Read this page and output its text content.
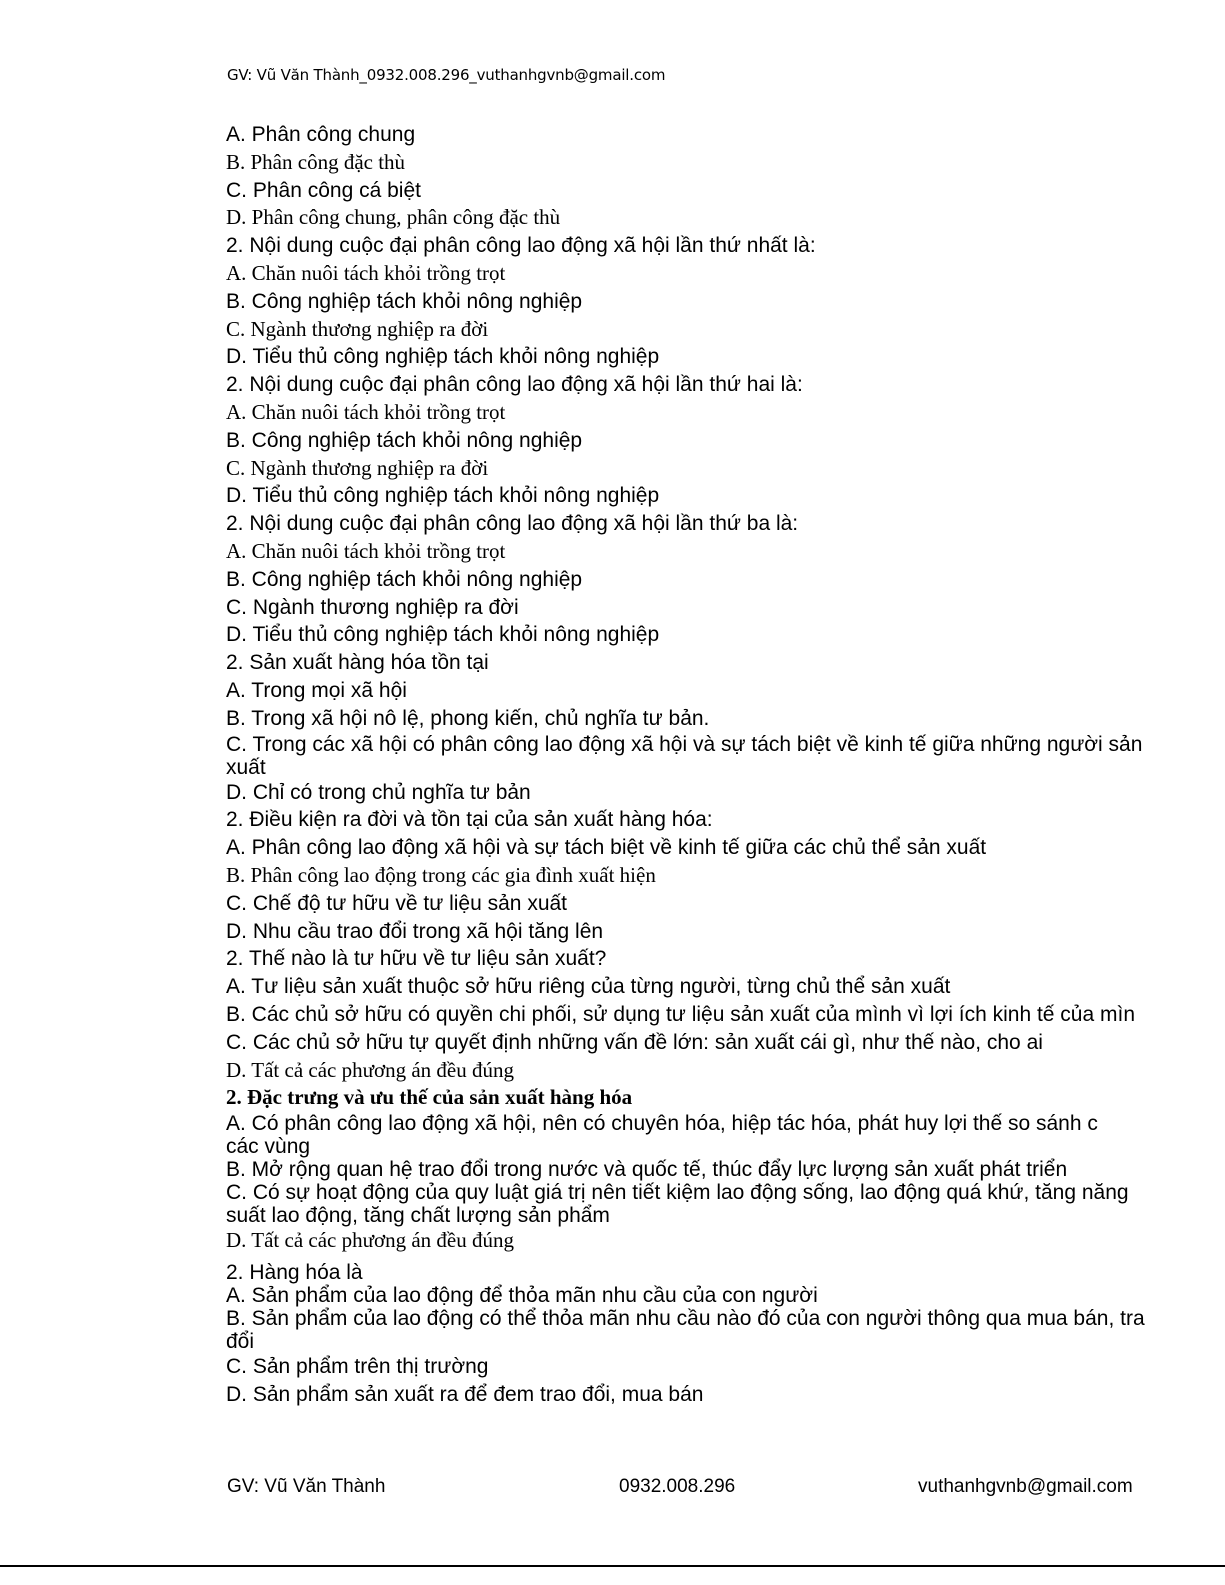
GV: Vũ Văn Thành_0932.008.296_vuthanhgvnb@gmail.com
A. Phân công chung
B. Phân công đặc thù
C. Phân công cá biệt
D. Phân công chung, phân công đặc thù
2. Nội dung cuộc đại phân công lao động xã hội lần thứ nhất là:
A. Chăn nuôi tách khỏi trồng trọt
B. Công nghiệp tách khỏi nông nghiệp
C. Ngành thương nghiệp ra đời
D. Tiểu thủ công nghiệp tách khỏi nông nghiệp
2. Nội dung cuộc đại phân công lao động xã hội lần thứ hai là:
A. Chăn nuôi tách khỏi trồng trọt
B. Công nghiệp tách khỏi nông nghiệp
C. Ngành thương nghiệp ra đời
D. Tiểu thủ công nghiệp tách khỏi nông nghiệp
2. Nội dung cuộc đại phân công lao động xã hội lần thứ ba là:
A. Chăn nuôi tách khỏi trồng trọt
B. Công nghiệp tách khỏi nông nghiệp
C. Ngành thương nghiệp ra đời
D. Tiểu thủ công nghiệp tách khỏi nông nghiệp
2. Sản xuất hàng hóa tồn tại
A. Trong mọi xã hội
B. Trong xã hội nô lệ, phong kiến, chủ nghĩa tư bản.
C. Trong các xã hội có phân công lao động xã hội và sự tách biệt về kinh tế giữa những người sản
xuất
D. Chỉ có trong chủ nghĩa tư bản
2. Điều kiện ra đời và tồn tại của sản xuất hàng hóa:
A. Phân công lao động xã hội và sự tách biệt về kinh tế giữa các chủ thể sản xuất
B. Phân công lao động trong các gia đình xuất hiện
C. Chế độ tư hữu về tư liệu sản xuất
D. Nhu cầu trao đổi trong xã hội tăng lên
2. Thế nào là tư hữu về tư liệu sản xuất?
A. Tư liệu sản xuất thuộc sở hữu riêng của từng người, từng chủ thể sản xuất
B. Các chủ sở hữu có quyền chi phối, sử dụng tư liệu sản xuất của mình vì lợi ích kinh tế của mìn
C. Các chủ sở hữu tự quyết định những vấn đề lớn: sản xuất cái gì, như thế nào, cho ai
D. Tất cả các phương án đều đúng
2. Đặc trưng và ưu thế của sản xuất hàng hóa
A. Có phân công lao động xã hội, nên có chuyên hóa, hiệp tác hóa, phát huy lợi thế so sánh c
các vùng
B. Mở rộng quan hệ trao đổi trong nước và quốc tế, thúc đẩy lực lượng sản xuất phát triển
C. Có sự hoạt động của quy luật giá trị nên tiết kiệm lao động sống, lao động quá khứ, tăng năng
suất lao động, tăng chất lượng sản phẩm
D. Tất cả các phương án đều đúng
2. Hàng hóa là
A. Sản phẩm của lao động để thỏa mãn nhu cầu của con người
B. Sản phẩm của lao động có thể thỏa mãn nhu cầu nào đó của con người thông qua mua bán, tra
đổi
C. Sản phẩm trên thị trường
D. Sản phẩm sản xuất ra để đem trao đổi, mua bán
GV: Vũ Văn Thành	0932.008.296	vuthanhgvnb@gmail.com
